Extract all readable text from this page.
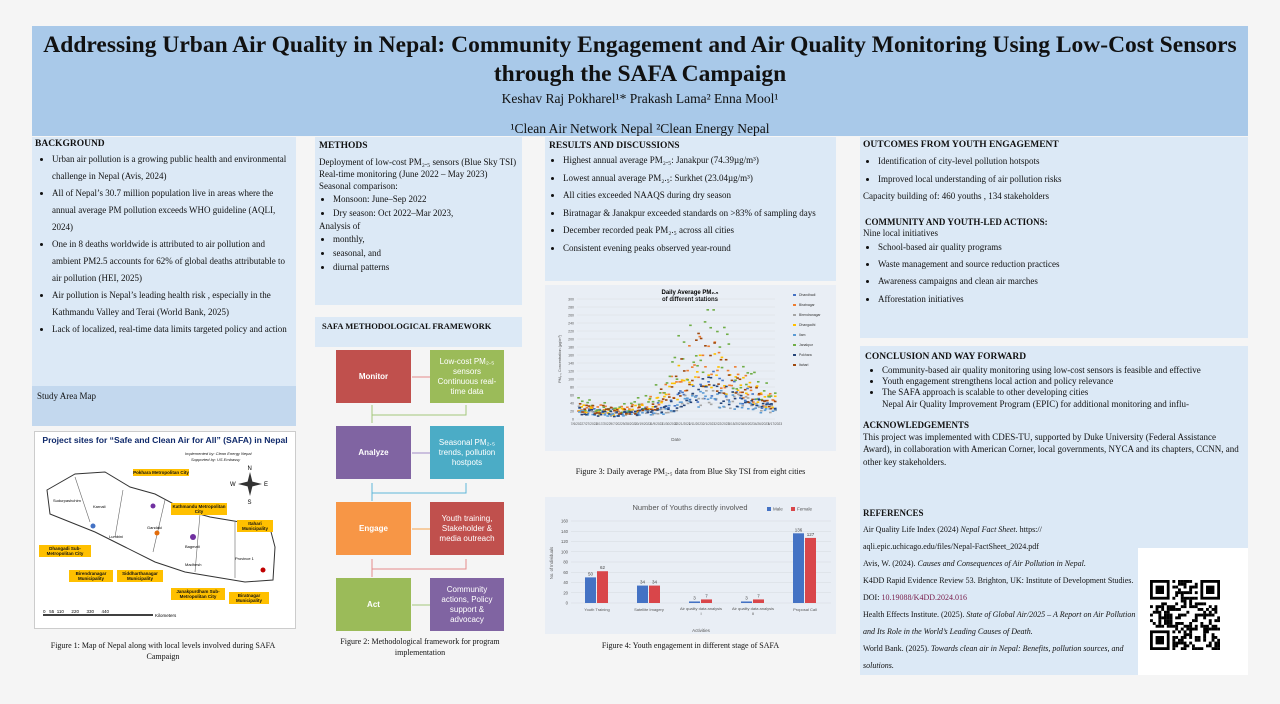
Addressing Urban Air Quality in Nepal: Community Engagement and Air Quality Monitoring Using Low-Cost Sensors through the SAFA Campaign
Keshav Raj Pokharel¹* Prakash Lama² Enna Mool¹
¹Clean Air Network Nepal ²Clean Energy Nepal
BACKGROUND
• Urban air pollution is a growing public health and environmental challenge in Nepal (Avis, 2024)
• All of Nepal’s 30.7 million population live in areas where the annual average PM pollution exceeds WHO guideline (AQLI, 2024)
• One in 8 deaths worldwide is attributed to air pollution and ambient PM2.5 accounts for 62% of global deaths attributable to air pollution (HEI, 2025)
• Air pollution is Nepal’s leading health risk , especially in the Kathmandu Valley and Terai (World Bank, 2025)
• Lack of localized, real-time data limits targeted policy and action
Study Area Map
N
S
E
W
Sudurpashchim
Karnali
Gandaki
Lumbini
Bagmati
Madhesh
Province 1
0   55  110      220      330      440
Kilometers
Project sites for “Safe and Clean Air for All” (SAFA) in Nepal
Implemented by: Clean Energy Nepal
Supported by: US Embassy
Pokhara Metropolitan City
Kathmandu Metropolitan City
Itahari Municipality
Dhangadi Sub-Metropolitan City
Birendranagar Municipality
Siddharthanagar Municipality
Janakpurdham Sub-Metropolitan City	Biratnagar Municipality
Figure 1: Map of Nepal along with local levels involved during SAFA Campaign
METHODS
Deployment of low-cost PM₂.₅ sensors (Blue Sky TSI)
Real-time monitoring (June 2022 – May 2023)
Seasonal comparison:
• Monsoon: June–Sep 2022
• Dry season: Oct 2022–Mar 2023,
Analysis of
• monthly,
• seasonal, and
• diurnal patterns
SAFA METHODOLOGICAL FRAMEWORK
Monitor
Low-cost PM₂.₅ sensors Continuous real-time data
Analyze
Seasonal PM₂.₅ trends, pollution hostpots
Engage
Youth training, Stakeholder & media outreach
Act
Community actions, Policy support & advocacy
Figure 2: Methodological framework for program implementation
RESULTS AND DISCUSSIONS
• Highest annual average PM₂.₅: Janakpur (74.39µg/m³)
• Lowest annual average PM₂.₅: Surkhet (23.04µg/m³)
• All cities exceeded NAAQS during dry season
• Biratnagar & Janakpur exceeded standards on >83% of sampling days
• December recorded peak PM₂.₅ across all cities
• Consistent evening peaks observed year-round
Daily Average PM₂.₅
of different stations
0
20
40
60
80
100
120
140
160
180
200
220
240
260
280
300
7/6/2022 7/27/2022 8/17/2022 9/7/2022 9/28/2022
10/19/2022
11/9/2022
11/30/2022
12/21/2022
1/11/2023 2/1/2023 2/22/2023 3/15/2023 4/5/2023 4/26/2023 5/17/2023
Date
PM₂.₅ Concentration (µg/m³)
Dhandhadi
Biratnagar
Birendranagar
Dhangadhi
Ilam
Janakpur
Pokhara
Itahari
Figure 3: Daily average PM₂.₅ data from Blue Sky TSI from eight cities
Number of Youths directly involved
0
20
40
60
80
100
120
140
160
No. of Individuals
Activities
50
62
Youth Training
34 34
Satellite Imagery
3 7
Air quality data analysis
I
3 7
Air quality data analysis
II
136
127
Proposal Call
Male	Female
Figure 4: Youth engagement in different stage of SAFA
OUTCOMES FROM YOUTH ENGAGEMENT
• Identification of city-level pollution hotspots
• Improved local understanding of air pollution risks
Capacity building of: 460 youths , 134 stakeholders
COMMUNITY AND YOUTH-LED ACTIONS:
Nine local initiatives
• School-based air quality programs
• Waste management and source reduction practices
• Awareness campaigns and clean air marches
• Afforestation initiatives
CONCLUSION AND WAY FORWARD
• Community-based air quality monitoring using low-cost sensors is feasible and effective
• Youth engagement strengthens local action and policy relevance
• The SAFA approach is scalable to other developing cities
• Nepal Air Quality Improvement Program (EPIC) for additional monitoring and influ-
ACKNOWLEDGEMENTS
This project was implemented with CDES-TU, supported by Duke University (Federal Assistance Award), in collaboration with American Corner, local governments, NYCA and its chapters, CCNN, and other key stakeholders.
REFERENCES
Air Quality Life Index (2024) Nepal Fact Sheet. https://
aqli.epic.uchicago.edu/files/Nepal-FactSheet_2024.pdf
Avis, W. (2024). Causes and Consequences of Air Pollution in Nepal.
K4DD Rapid Evidence Review 53. Brighton, UK: Institute of Development Studies. DOI: 10.19088/K4DD.2024.016
Health Effects Institute. (2025). State of Global Air/2025 – A Report on Air Pollution and Its Role in the World’s Leading Causes of Death.
World Bank. (2025). Towards clean air in Nepal: Benefits, pollution sources, and solutions.
